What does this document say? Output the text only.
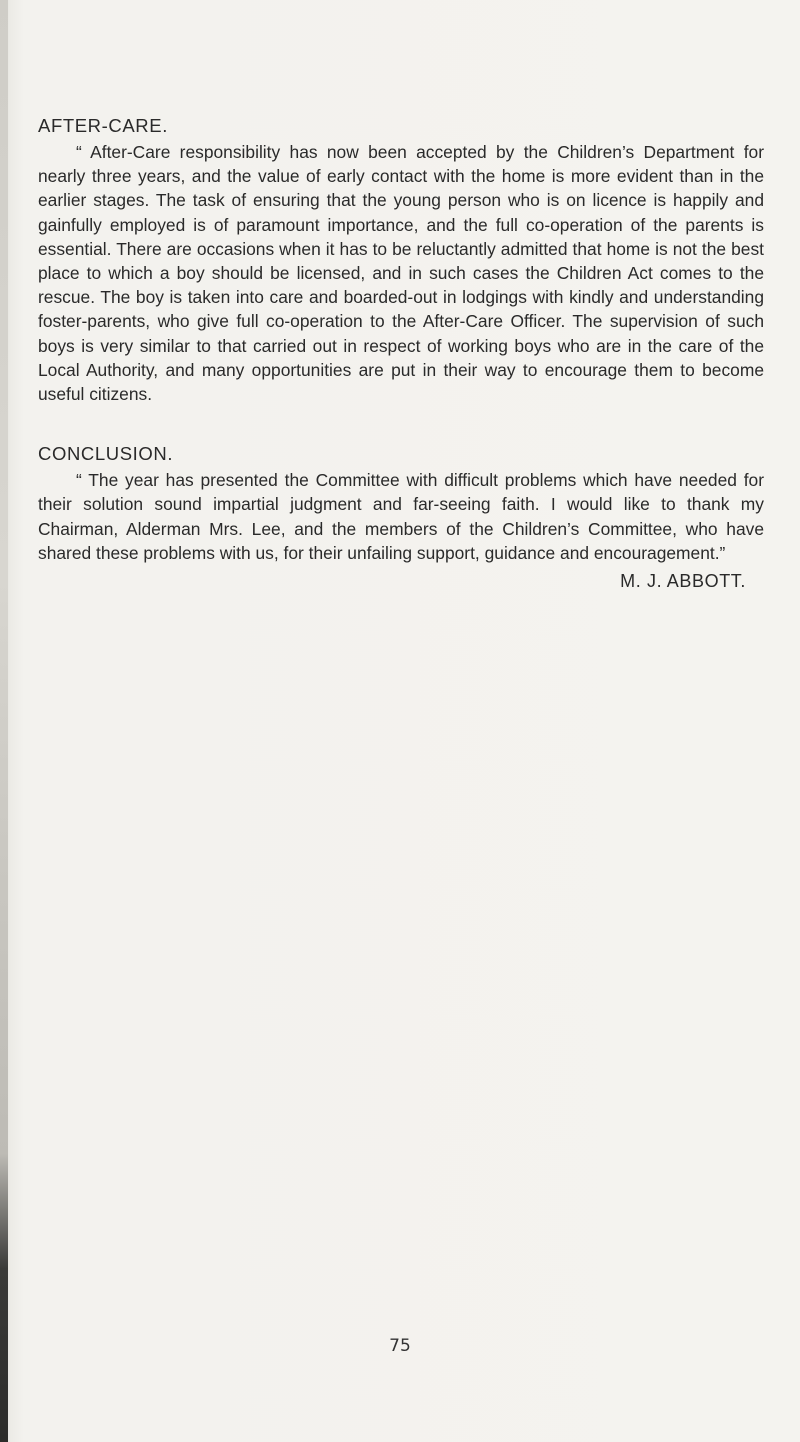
AFTER-CARE.

“ After-Care responsibility has now been accepted by the Children’s Department for nearly three years, and the value of early contact with the home is more evident than in the earlier stages. The task of ensuring that the young person who is on licence is happily and gainfully employed is of paramount importance, and the full co-operation of the parents is essential. There are occasions when it has to be reluctantly admitted that home is not the best place to which a boy should be licensed, and in such cases the Children Act comes to the rescue. The boy is taken into care and boarded-out in lodgings with kindly and understanding foster-parents, who give full co-operation to the After-Care Officer. The supervision of such boys is very similar to that carried out in respect of working boys who are in the care of the Local Authority, and many opportunities are put in their way to encourage them to become useful citizens.

CONCLUSION.

“ The year has presented the Committee with difficult problems which have needed for their solution sound impartial judgment and far-seeing faith. I would like to thank my Chairman, Alderman Mrs. Lee, and the members of the Children’s Committee, who have shared these problems with us, for their unfailing support, guidance and encouragement.”

M. J. ABBOTT.
75
